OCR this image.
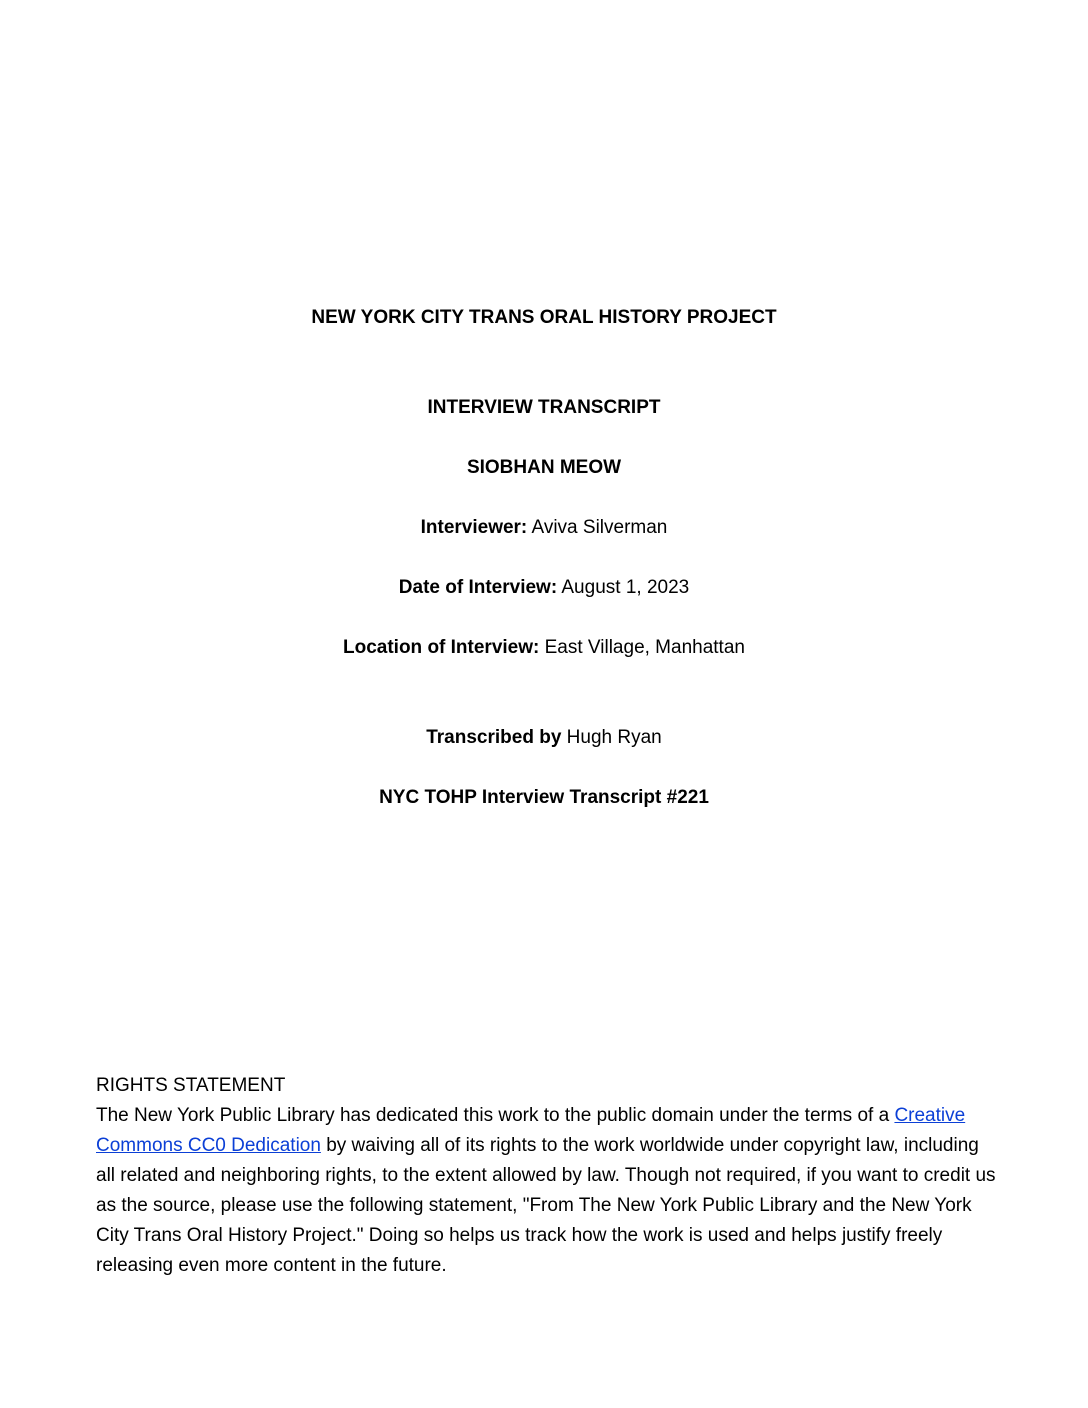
NEW YORK CITY TRANS ORAL HISTORY PROJECT
INTERVIEW TRANSCRIPT
SIOBHAN MEOW
Interviewer: Aviva Silverman
Date of Interview: August 1, 2023
Location of Interview: East Village, Manhattan
Transcribed by Hugh Ryan
NYC TOHP Interview Transcript #221

RIGHTS STATEMENT

The New York Public Library has dedicated this work to the public domain under the terms of a Creative Commons CC0 Dedication by waiving all of its rights to the work worldwide under copyright law, including all related and neighboring rights, to the extent allowed by law. Though not required, if you want to credit us as the source, please use the following statement, "From The New York Public Library and the New York City Trans Oral History Project." Doing so helps us track how the work is used and helps justify freely releasing even more content in the future.
